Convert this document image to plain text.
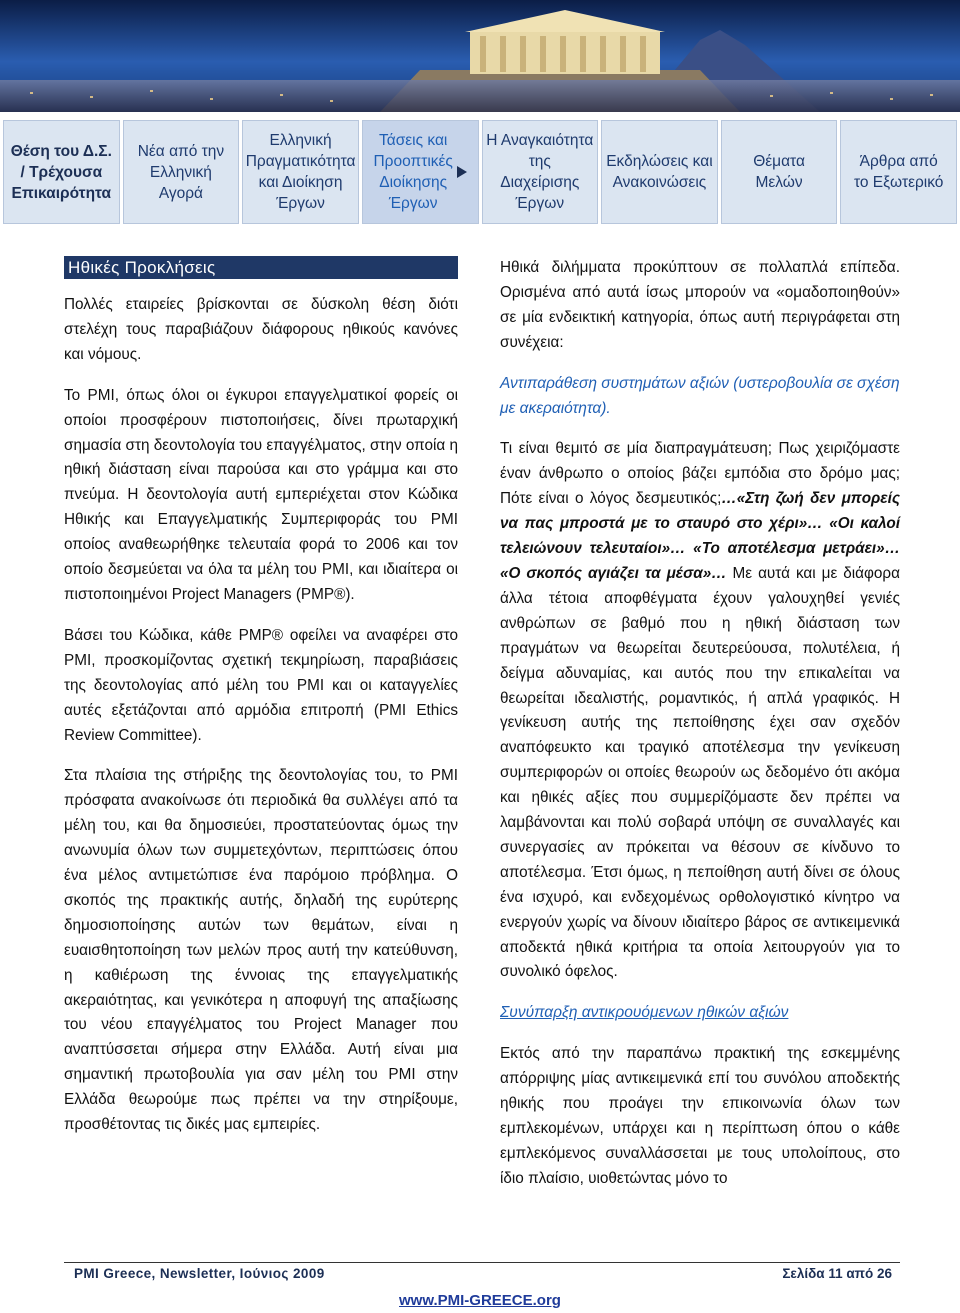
Θέση του Δ.Σ.
/ Τρέχουσα
Επικαιρότητα
Νέα από την
Ελληνική
Αγορά
Ελληνική
Πραγματικότητα
και Διοίκηση
Έργων
Τάσεις και
Προοπτικές
Διοίκησης
Έργων
Η Αναγκαιότητα
της
Διαχείρισης
Έργων
Εκδηλώσεις και
Ανακοινώσεις
Θέματα
Μελών
Άρθρα από
το Εξωτερικό
Ηθικές Προκλήσεις

Πολλές εταιρείες βρίσκονται σε δύσκολη θέση διότι στελέχη τους παραβιάζουν διάφορους ηθικούς κανόνες και νόμους.

Το PMI, όπως όλοι οι έγκυροι επαγγελματικοί φορείς οι οποίοι προσφέρουν πιστοποιήσεις, δίνει πρωταρχική σημασία στη δεοντολογία του επαγγέλματος, στην οποία η ηθική διάσταση είναι παρούσα και στο γράμμα και στο πνεύμα. Η δεοντολογία αυτή εμπεριέχεται στον Κώδικα Ηθικής και Επαγγελματικής Συμπεριφοράς του PMI οποίος αναθεωρήθηκε τελευταία φορά το 2006 και τον οποίο δεσμεύεται να όλα τα μέλη του PMI, και ιδιαίτερα οι πιστοποιημένοι Project Managers (PMP®).

Βάσει του Κώδικα, κάθε PMP® οφείλει να αναφέρει στο PMI, προσκομίζοντας σχετική τεκμηρίωση, παραβιάσεις της δεοντολογίας από μέλη του PMI και οι καταγγελίες αυτές εξετάζονται από αρμόδια επιτροπή (PMI Ethics Review Committee).

Στα πλαίσια της στήριξης της δεοντολογίας του, το PMI πρόσφατα ανακοίνωσε ότι περιοδικά θα συλλέγει από τα μέλη του, και θα δημοσιεύει, προστατεύοντας όμως την ανωνυμία όλων των συμμετεχόντων, περιπτώσεις όπου ένα μέλος αντιμετώπισε ένα παρόμοιο πρόβλημα. Ο σκοπός της πρακτικής αυτής, δηλαδή της ευρύτερης δημοσιοποίησης αυτών των θεμάτων, είναι η ευαισθητοποίηση των μελών προς αυτή την κατεύθυνση, η καθιέρωση της έννοιας της επαγγελματικής ακεραιότητας, και γενικότερα η αποφυγή της απαξίωσης του νέου επαγγέλματος του Project Manager που αναπτύσσεται σήμερα στην Ελλάδα. Αυτή είναι μια σημαντική πρωτοβουλία για σαν μέλη του PMI στην Ελλάδα θεωρούμε πως πρέπει να την στηρίξουμε, προσθέτοντας τις δικές μας εμπειρίες.

Ηθικά διλήμματα προκύπτουν σε πολλαπλά επίπεδα. Ορισμένα από αυτά ίσως μπορούν να «ομαδοποιηθούν» σε μία ενδεικτική κατηγορία, όπως αυτή περιγράφεται στη συνέχεια:

Αντιπαράθεση συστημάτων αξιών (υστεροβουλία σε σχέση με ακεραιότητα).

Τι είναι θεμιτό σε μία διαπραγμάτευση; Πως χειριζόμαστε έναν άνθρωπο ο οποίος βάζει εμπόδια στο δρόμο μας; Πότε είναι ο λόγος δεσμευτικός;…«Στη ζωή δεν μπορείς να πας μπροστά με το σταυρό στο χέρι»… «Οι καλοί τελειώνουν τελευταίοι»… «Το αποτέλεσμα μετράει»… «Ο σκοπός αγιάζει τα μέσα»… Με αυτά και με διάφορα άλλα τέτοια αποφθέγματα έχουν γαλουχηθεί γενιές ανθρώπων σε βαθμό που η ηθική διάσταση των πραγμάτων να θεωρείται δευτερεύουσα, πολυτέλεια, ή δείγμα αδυναμίας, και αυτός που την επικαλείται να θεωρείται ιδεαλιστής, ρομαντικός, ή απλά γραφικός. Η γενίκευση αυτής της πεποίθησης έχει σαν σχεδόν αναπόφευκτο και τραγικό αποτέλεσμα την γενίκευση συμπεριφορών οι οποίες θεωρούν ως δεδομένο ότι ακόμα και ηθικές αξίες που συμμερίζόμαστε δεν πρέπει να λαμβάνονται και πολύ σοβαρά υπόψη σε συναλλαγές και συνεργασίες αν πρόκειται να θέσουν σε κίνδυνο το αποτέλεσμα. Έτσι όμως, η πεποίθηση αυτή δίνει σε όλους ένα ισχυρό, και ενδεχομένως ορθολογιστικό κίνητρο να ενεργούν χωρίς να δίνουν ιδιαίτερο βάρος σε αντικειμενικά αποδεκτά ηθικά κριτήρια τα οποία λειτουργούν για το συνολικό όφελος.

Συνύπαρξη αντικρουόμενων ηθικών αξιών

Εκτός από την παραπάνω πρακτική της εσκεμμένης απόρριψης μίας αντικειμενικά επί του συνόλου αποδεκτής ηθικής που προάγει την επικοινωνία όλων των εμπλεκομένων, υπάρχει και η περίπτωση όπου ο κάθε εμπλεκόμενος συναλλάσσεται με τους υπολοίπους, στο ίδιο πλαίσιο, υιοθετώντας μόνο το

PMI Greece, Newsletter, Ιούνιος 2009	Σελίδα 11 από 26
www.PMI-GREECE.org
